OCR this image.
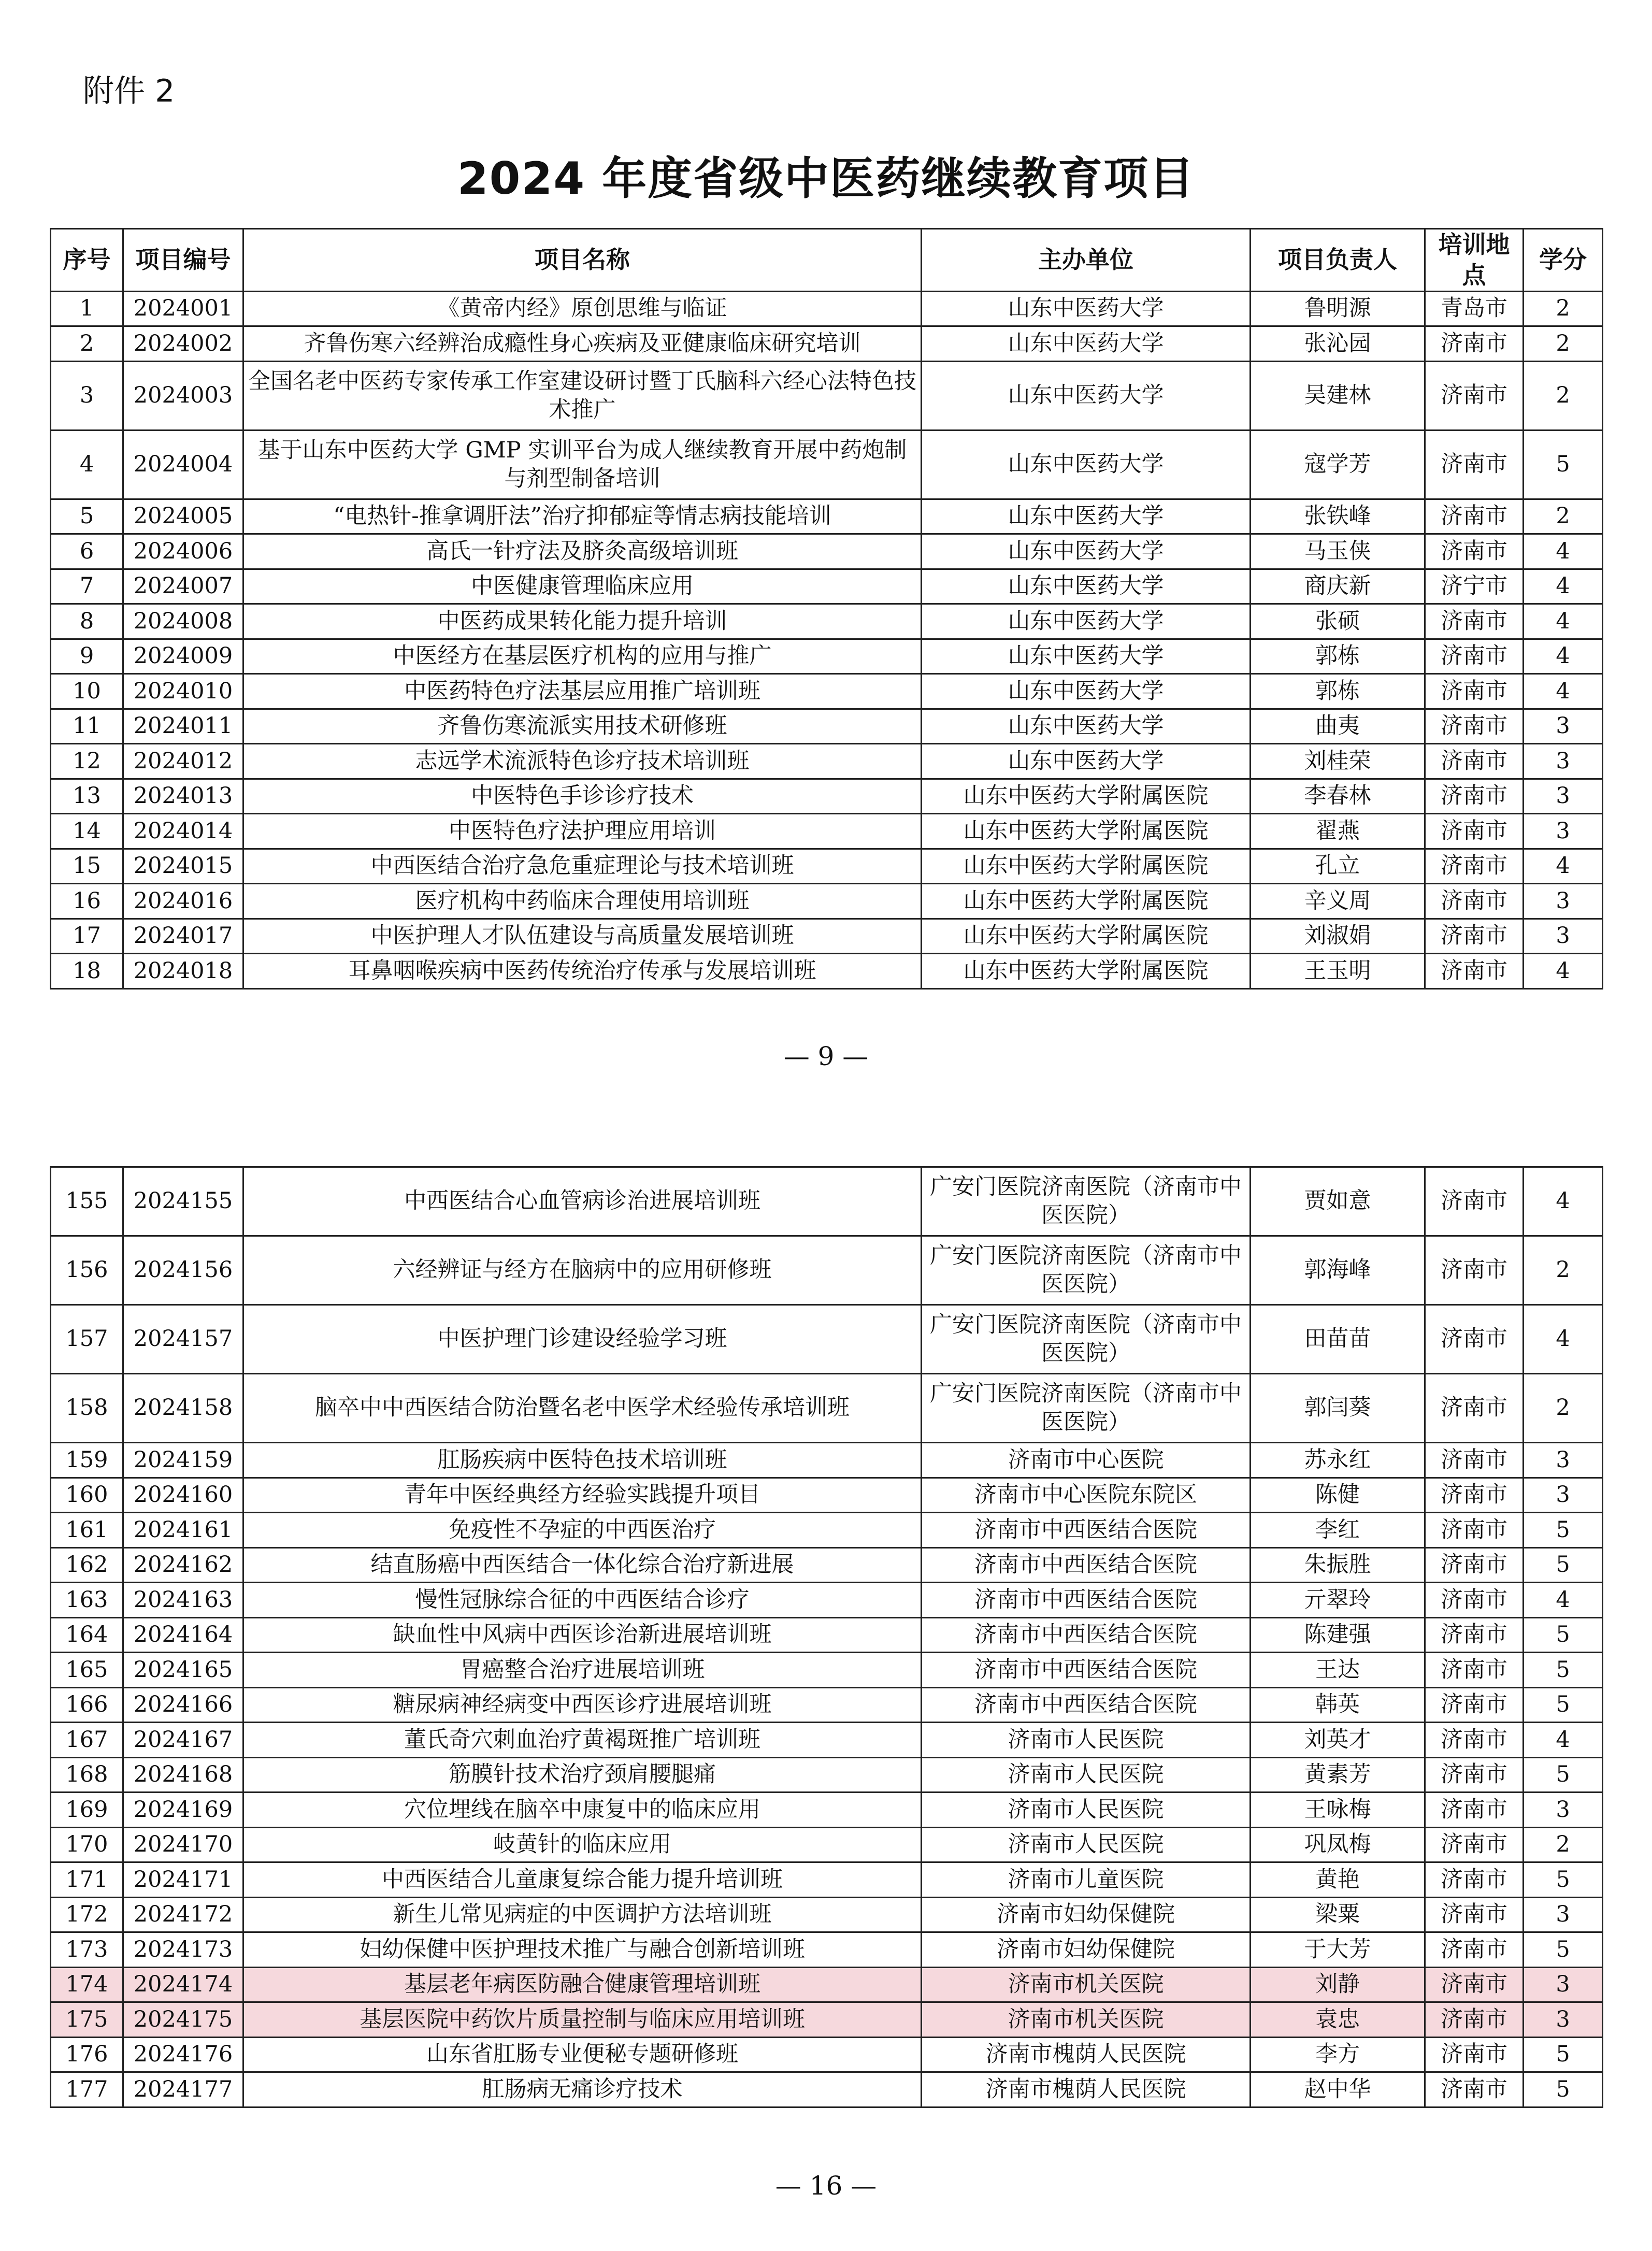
附件 2
2024 年度省级中医药继续教育项目
序号	项目编号	项目名称	主办单位	项目负责人	培训地点	学分
1	2024001	《黄帝内经》原创思维与临证	山东中医药大学	鲁明源	青岛市	2
2	2024002	齐鲁伤寒六经辨治成瘾性身心疾病及亚健康临床研究培训	山东中医药大学	张沁园	济南市	2
3	2024003	全国名老中医药专家传承工作室建设研讨暨丁氏脑科六经心法特色技术推广	山东中医药大学	吴建林	济南市	2
4	2024004	基于山东中医药大学 GMP 实训平台为成人继续教育开展中药炮制与剂型制备培训	山东中医药大学	寇学芳	济南市	5
5	2024005	“电热针-推拿调肝法”治疗抑郁症等情志病技能培训	山东中医药大学	张铁峰	济南市	2
6	2024006	高氏一针疗法及脐灸高级培训班	山东中医药大学	马玉侠	济南市	4
7	2024007	中医健康管理临床应用	山东中医药大学	商庆新	济宁市	4
8	2024008	中医药成果转化能力提升培训	山东中医药大学	张硕	济南市	4
9	2024009	中医经方在基层医疗机构的应用与推广	山东中医药大学	郭栋	济南市	4
10	2024010	中医药特色疗法基层应用推广培训班	山东中医药大学	郭栋	济南市	4
11	2024011	齐鲁伤寒流派实用技术研修班	山东中医药大学	曲夷	济南市	3
12	2024012	志远学术流派特色诊疗技术培训班	山东中医药大学	刘桂荣	济南市	3
13	2024013	中医特色手诊诊疗技术	山东中医药大学附属医院	李春林	济南市	3
14	2024014	中医特色疗法护理应用培训	山东中医药大学附属医院	翟燕	济南市	3
15	2024015	中西医结合治疗急危重症理论与技术培训班	山东中医药大学附属医院	孔立	济南市	4
16	2024016	医疗机构中药临床合理使用培训班	山东中医药大学附属医院	辛义周	济南市	3
17	2024017	中医护理人才队伍建设与高质量发展培训班	山东中医药大学附属医院	刘淑娟	济南市	3
18	2024018	耳鼻咽喉疾病中医药传统治疗传承与发展培训班	山东中医药大学附属医院	王玉明	济南市	4
— 9 —
155	2024155	中西医结合心血管病诊治进展培训班	广安门医院济南医院（济南市中医医院）	贾如意	济南市	4
156	2024156	六经辨证与经方在脑病中的应用研修班	广安门医院济南医院（济南市中医医院）	郭海峰	济南市	2
157	2024157	中医护理门诊建设经验学习班	广安门医院济南医院（济南市中医医院）	田苗苗	济南市	4
158	2024158	脑卒中中西医结合防治暨名老中医学术经验传承培训班	广安门医院济南医院（济南市中医医院）	郭闫葵	济南市	2
159	2024159	肛肠疾病中医特色技术培训班	济南市中心医院	苏永红	济南市	3
160	2024160	青年中医经典经方经验实践提升项目	济南市中心医院东院区	陈健	济南市	3
161	2024161	免疫性不孕症的中西医治疗	济南市中西医结合医院	李红	济南市	5
162	2024162	结直肠癌中西医结合一体化综合治疗新进展	济南市中西医结合医院	朱振胜	济南市	5
163	2024163	慢性冠脉综合征的中西医结合诊疗	济南市中西医结合医院	亓翠玲	济南市	4
164	2024164	缺血性中风病中西医诊治新进展培训班	济南市中西医结合医院	陈建强	济南市	5
165	2024165	胃癌整合治疗进展培训班	济南市中西医结合医院	王达	济南市	5
166	2024166	糖尿病神经病变中西医诊疗进展培训班	济南市中西医结合医院	韩英	济南市	5
167	2024167	董氏奇穴刺血治疗黄褐斑推广培训班	济南市人民医院	刘英才	济南市	4
168	2024168	筋膜针技术治疗颈肩腰腿痛	济南市人民医院	黄素芳	济南市	5
169	2024169	穴位埋线在脑卒中康复中的临床应用	济南市人民医院	王咏梅	济南市	3
170	2024170	岐黄针的临床应用	济南市人民医院	巩凤梅	济南市	2
171	2024171	中西医结合儿童康复综合能力提升培训班	济南市儿童医院	黄艳	济南市	5
172	2024172	新生儿常见病症的中医调护方法培训班	济南市妇幼保健院	梁粟	济南市	3
173	2024173	妇幼保健中医护理技术推广与融合创新培训班	济南市妇幼保健院	于大芳	济南市	5
174	2024174	基层老年病医防融合健康管理培训班	济南市机关医院	刘静	济南市	3
175	2024175	基层医院中药饮片质量控制与临床应用培训班	济南市机关医院	袁忠	济南市	3
176	2024176	山东省肛肠专业便秘专题研修班	济南市槐荫人民医院	李方	济南市	5
177	2024177	肛肠病无痛诊疗技术	济南市槐荫人民医院	赵中华	济南市	5
— 16 —
